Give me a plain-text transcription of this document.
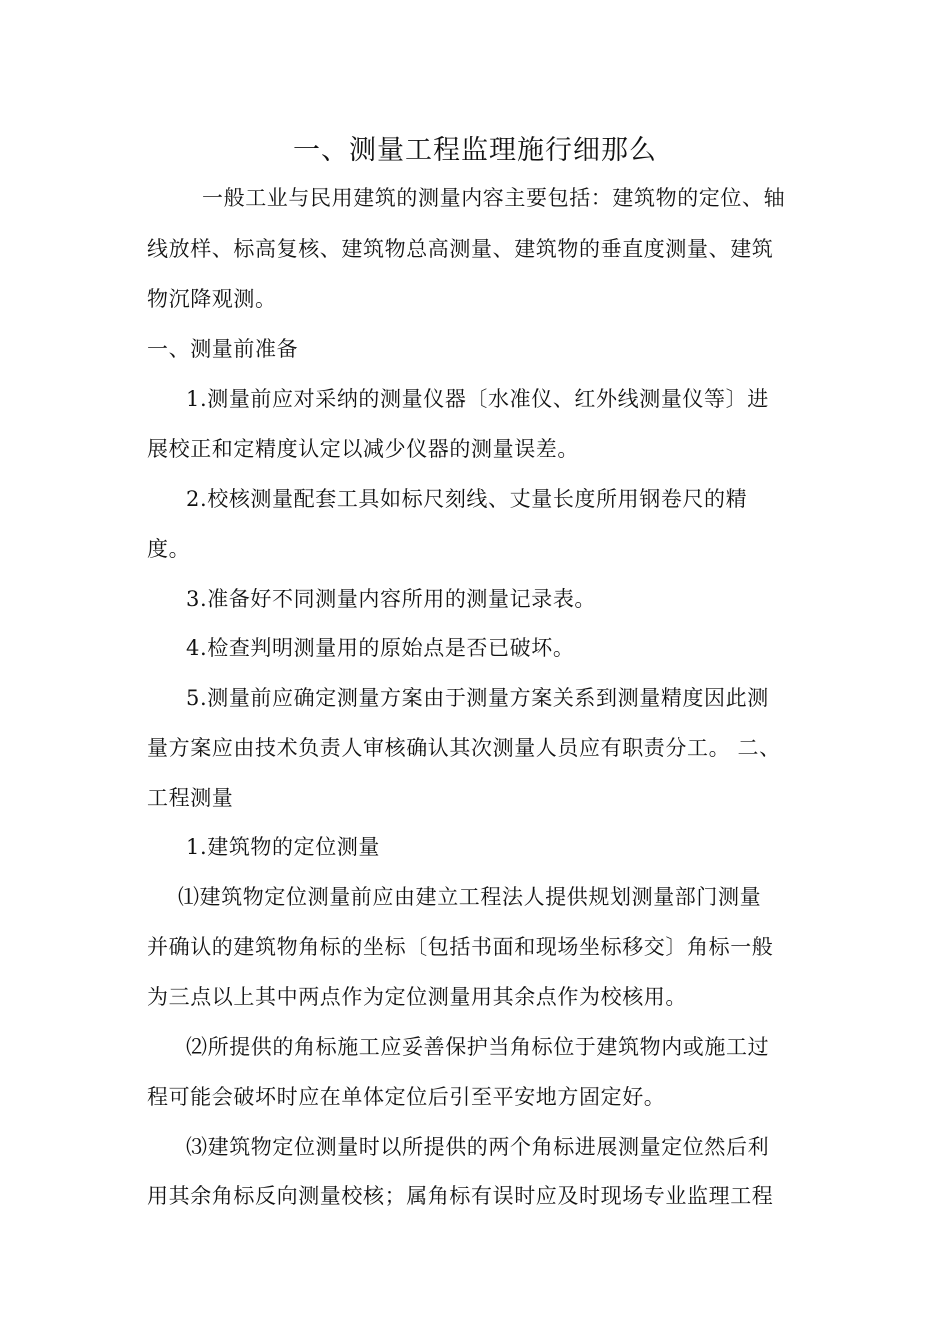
一、测量工程监理施行细那么
一般工业与民用建筑的测量内容主要包括：建筑物的定位、轴
线放样、标高复核、建筑物总高测量、建筑物的垂直度测量、建筑
物沉降观测。
一、测量前准备
1.测量前应对采纳的测量仪器〔水准仪、红外线测量仪等〕进
展校正和定精度认定以减少仪器的测量误差。
2.校核测量配套工具如标尺刻线、丈量长度所用钢卷尺的精
度。
3.准备好不同测量内容所用的测量记录表。
4.检查判明测量用的原始点是否已破坏。
5.测量前应确定测量方案由于测量方案关系到测量精度因此测
量方案应由技术负责人审核确认其次测量人员应有职责分工。 二、
工程测量
1.建筑物的定位测量
⑴建筑物定位测量前应由建立工程法人提供规划测量部门测量
并确认的建筑物角标的坐标〔包括书面和现场坐标移交〕角标一般
为三点以上其中两点作为定位测量用其余点作为校核用。
⑵所提供的角标施工应妥善保护当角标位于建筑物内或施工过
程可能会破坏时应在单体定位后引至平安地方固定好。
⑶建筑物定位测量时以所提供的两个角标进展测量定位然后利
用其余角标反向测量校核；属角标有误时应及时现场专业监理工程
